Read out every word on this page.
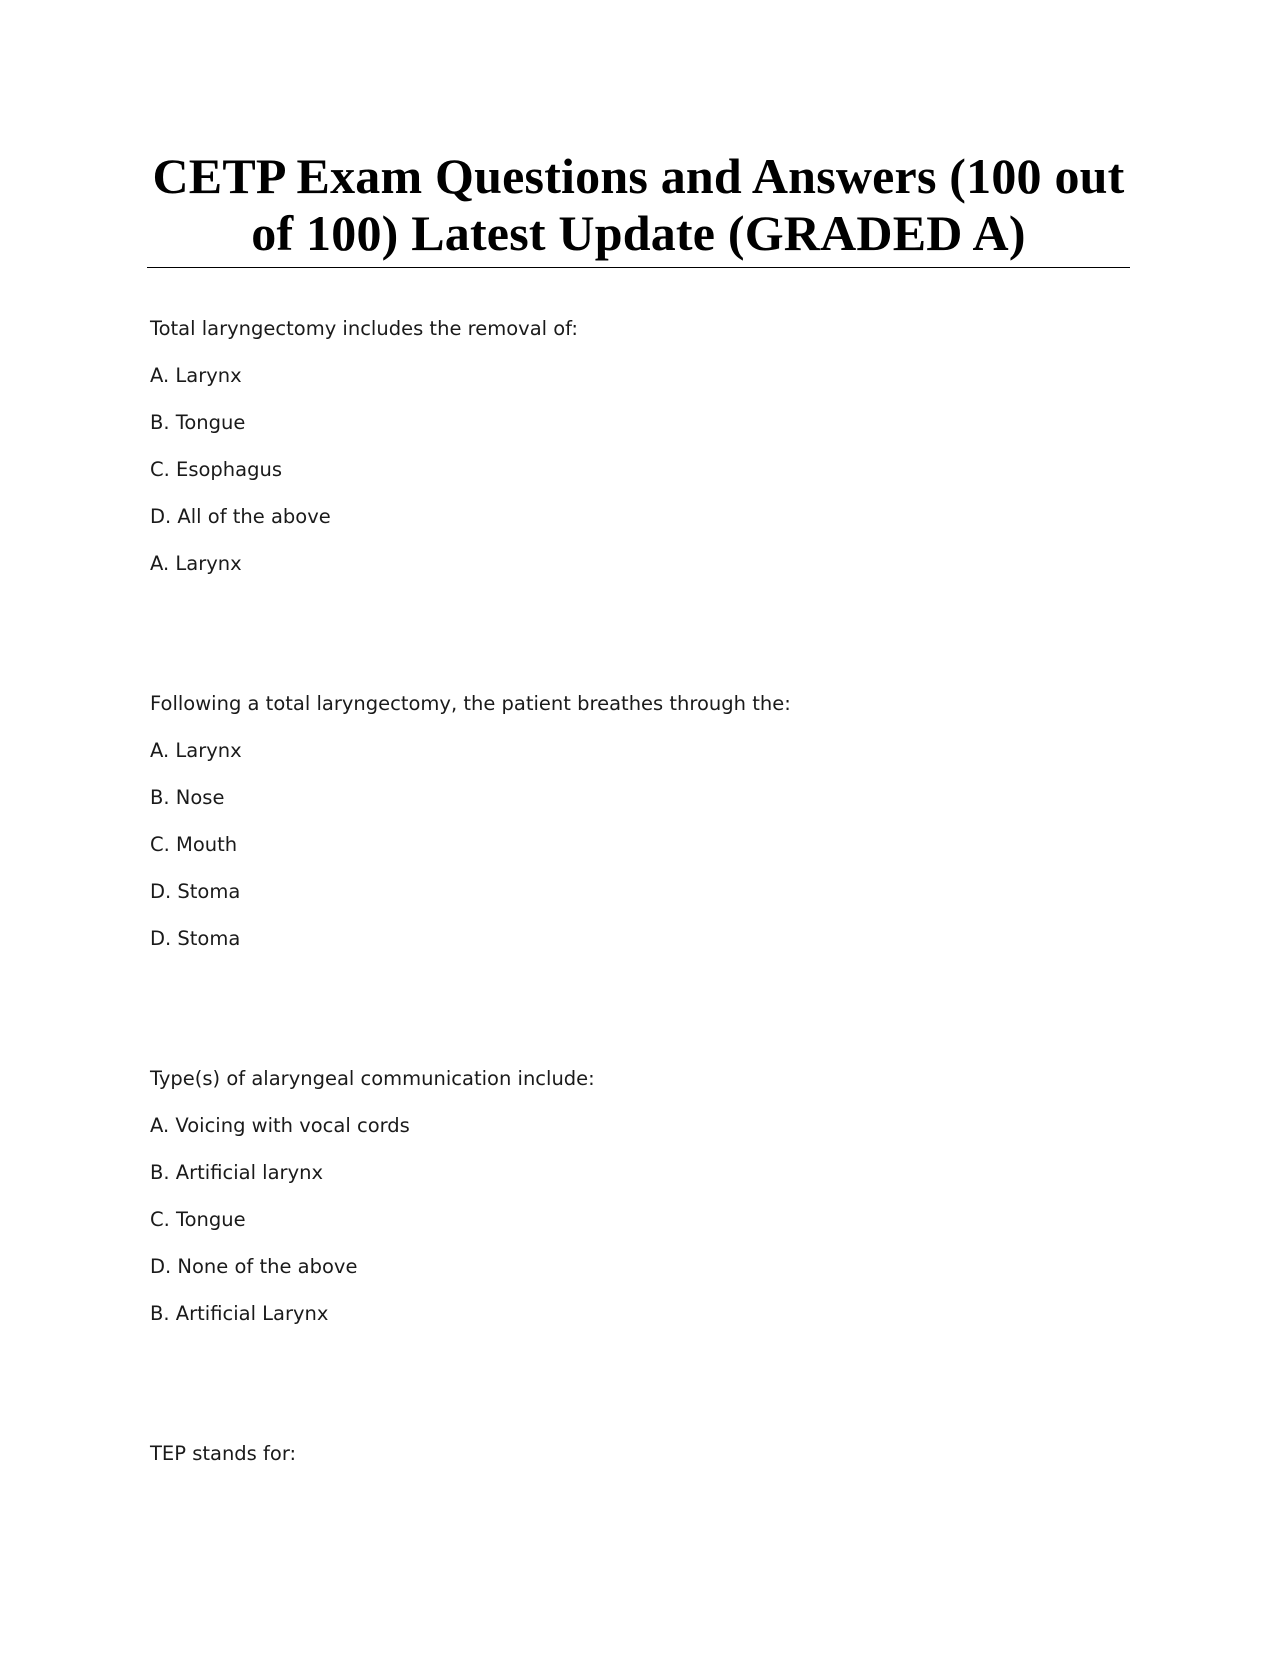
CETP Exam Questions and Answers (100 out
of 100) Latest Update (GRADED A)

Total laryngectomy includes the removal of:

A. Larynx

B. Tongue

C. Esophagus

D. All of the above

A. Larynx

Following a total laryngectomy, the patient breathes through the:

A. Larynx

B. Nose

C. Mouth

D. Stoma

D. Stoma

Type(s) of alaryngeal communication include:

A. Voicing with vocal cords

B. Artificial larynx

C. Tongue

D. None of the above

B. Artificial Larynx

TEP stands for:
